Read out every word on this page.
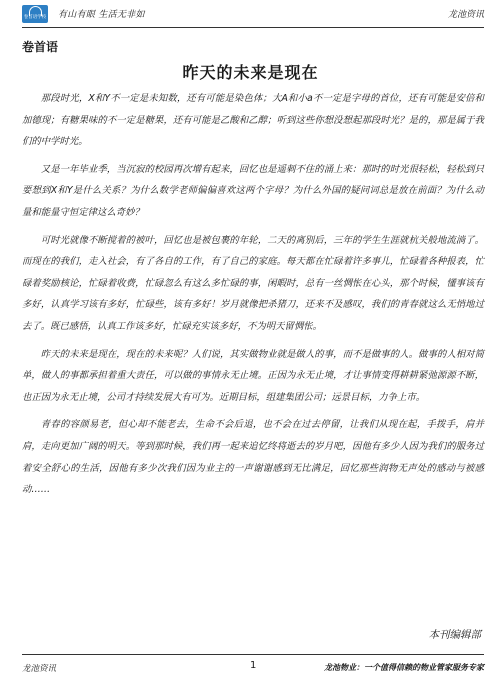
卷首语学校 有山有眼 生活无非如	龙池资讯
卷首语
昨天的未来是现在

那段时光，X和Y不一定是未知数，还有可能是染色体；大A和小a不一定是字母的首位，还有可能是安倍和加德现；有糖果味的不一定是糖果，还有可能是乙酸和乙醇；听到这些你想没想起那段时光？是的，那是属于我们的中学时光。

又是一年毕业季，当沉寂的校园再次增有起来，回忆也是遥刺不住的涌上来：那时的时光很轻松，轻松到只要想到X和Y是什么关系？为什么数学老师偏偏喜欢这两个字母？为什么外国的疑问词总是放在前面？为什么动量和能量守恒定律这么奇妙？

可时光就像不断搅着的被叶，回忆也是被包裹的年轮，二天的离别后，三年的学生生涯就杭关般地流淌了。而现在的我们，走入社会，有了各自的工作，有了自己的家庭。每天都在忙碌着许多事儿，忙碌着各种报表，忙碌着奖励核论，忙碌着收费，忙碌忽么有这么多忙碌的事，闲暇时，总有一丝惆怅在心头，那个时候，懂事该有多好，认真学习该有多好，忙碌些，该有多好！岁月就像把杀猪刀，还来不及感叹，我们的青春就这么无悄地过去了。既已感悟，认真工作该多好，忙碌充实该多好，不为明天留惆怅。

昨天的未来是现在，现在的未来呢？人们说，其实做物业就是做人的事，而不是做事的人。做事的人相对简单，做人的事都承担着重大责任，可以做的事情永无止境。正因为永无止境，才让事情变得耕耕紧弛源源不断，也正因为永无止境，公司才持续发展大有可为。近期目标，组建集团公司；远景目标，力争上市。

青春的容颜易老，但心却不能老去，生命不会后退，也不会在过去停留，让我们从现在起，手拨手，肩并肩，走向更加广阔的明天。等到那时候，我们再一起来追忆终将逝去的岁月吧，因他有多少人因为我们的服务过着安全舒心的生活，因他有多少次我们因为业主的一声谢谢感到无比满足，回忆那些润物无声处的感动与被感动……

本刊编辑部
龙池资讯	1	龙池物业：一个值得信赖的物业管家服务专家
